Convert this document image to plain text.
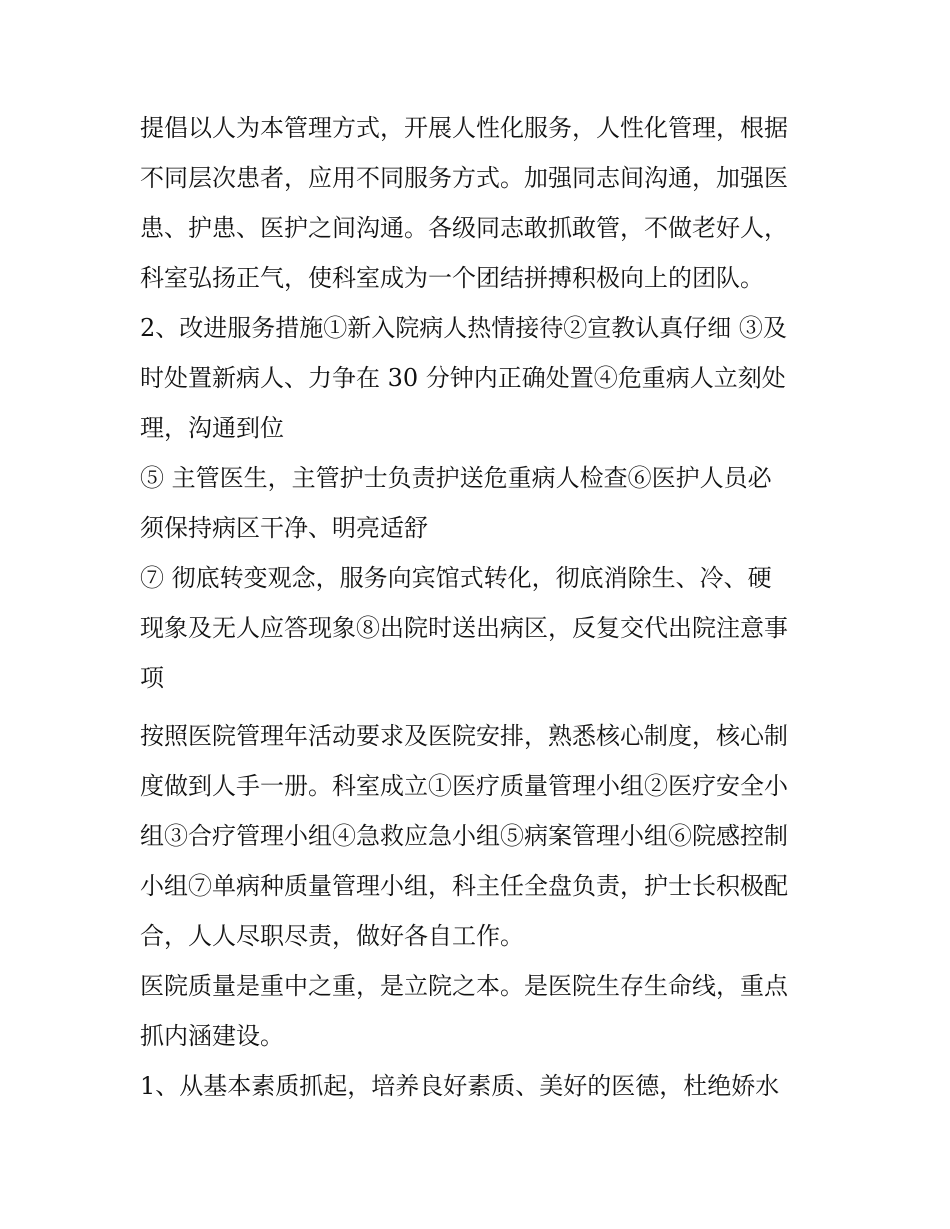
提倡以人为本管理方式，开展人性化服务，人性化管理，根据
不同层次患者，应用不同服务方式。加强同志间沟通，加强医
患、护患、医护之间沟通。各级同志敢抓敢管，不做老好人，
科室弘扬正气，使科室成为一个团结拼搏积极向上的团队。
2、改进服务措施①新入院病人热情接待②宣教认真仔细 ③及
时处置新病人、力争在 30 分钟内正确处置④危重病人立刻处
理，沟通到位
⑤ 主管医生，主管护士负责护送危重病人检查⑥医护人员必
须保持病区干净、明亮适舒
⑦ 彻底转变观念，服务向宾馆式转化，彻底消除生、冷、硬
现象及无人应答现象⑧出院时送出病区，反复交代出院注意事
项
按照医院管理年活动要求及医院安排，熟悉核心制度，核心制
度做到人手一册。科室成立①医疗质量管理小组②医疗安全小
组③合疗管理小组④急救应急小组⑤病案管理小组⑥院感控制
小组⑦单病种质量管理小组，科主任全盘负责，护士长积极配
合，人人尽职尽责，做好各自工作。
医院质量是重中之重，是立院之本。是医院生存生命线，重点
抓内涵建设。
1、从基本素质抓起，培养良好素质、美好的医德，杜绝娇水
